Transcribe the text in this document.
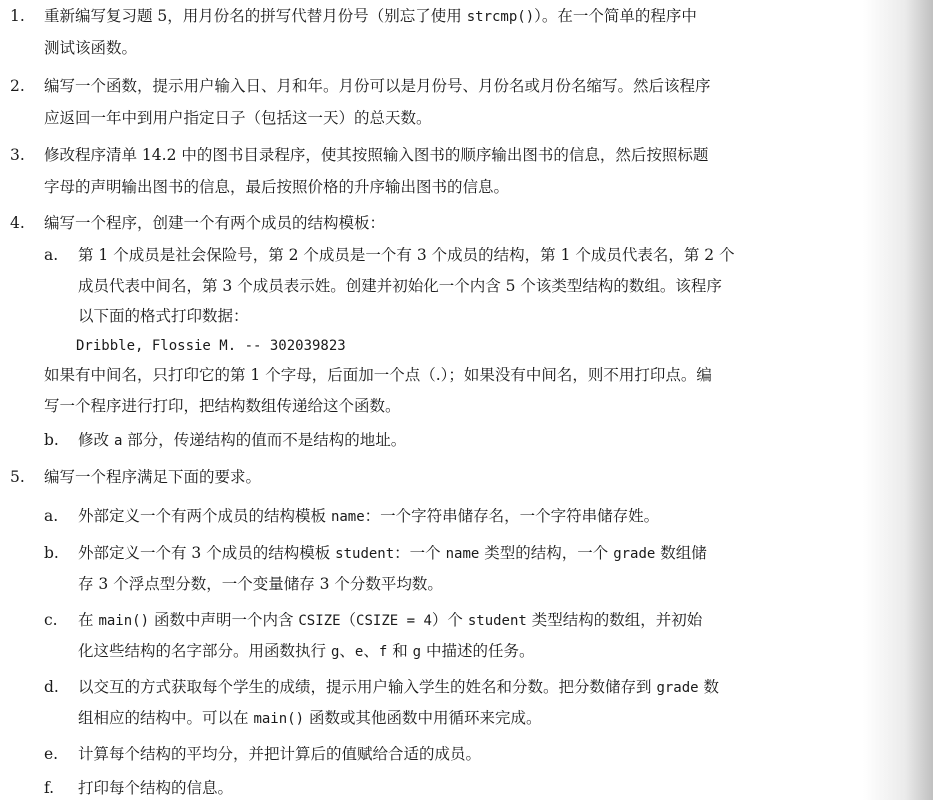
1. 重新编写复习题 5，用月份名的拼写代替月份号（别忘了使用 strcmp()）。在一个简单的程序中
测试该函数。
2. 编写一个函数，提示用户输入日、月和年。月份可以是月份号、月份名或月份名缩写。然后该程序
应返回一年中到用户指定日子（包括这一天）的总天数。
3. 修改程序清单 14.2 中的图书目录程序，使其按照输入图书的顺序输出图书的信息，然后按照标题
字母的声明输出图书的信息，最后按照价格的升序输出图书的信息。
4. 编写一个程序，创建一个有两个成员的结构模板：
a. 第 1 个成员是社会保险号，第 2 个成员是一个有 3 个成员的结构，第 1 个成员代表名，第 2 个
成员代表中间名，第 3 个成员表示姓。创建并初始化一个内含 5 个该类型结构的数组。该程序
以下面的格式打印数据：
Dribble, Flossie M. -- 302039823
如果有中间名，只打印它的第 1 个字母，后面加一个点（.）；如果没有中间名，则不用打印点。编
写一个程序进行打印，把结构数组传递给这个函数。
b. 修改 a 部分，传递结构的值而不是结构的地址。
5. 编写一个程序满足下面的要求。
a. 外部定义一个有两个成员的结构模板 name：一个字符串储存名，一个字符串储存姓。
b. 外部定义一个有 3 个成员的结构模板 student：一个 name 类型的结构，一个 grade 数组储
存 3 个浮点型分数，一个变量储存 3 个分数平均数。
c. 在 main() 函数中声明一个内含 CSIZE（CSIZE = 4）个 student 类型结构的数组，并初始
化这些结构的名字部分。用函数执行 g、e、f 和 g 中描述的任务。
d. 以交互的方式获取每个学生的成绩，提示用户输入学生的姓名和分数。把分数储存到 grade 数
组相应的结构中。可以在 main() 函数或其他函数中用循环来完成。
e. 计算每个结构的平均分，并把计算后的值赋给合适的成员。
f. 打印每个结构的信息。
